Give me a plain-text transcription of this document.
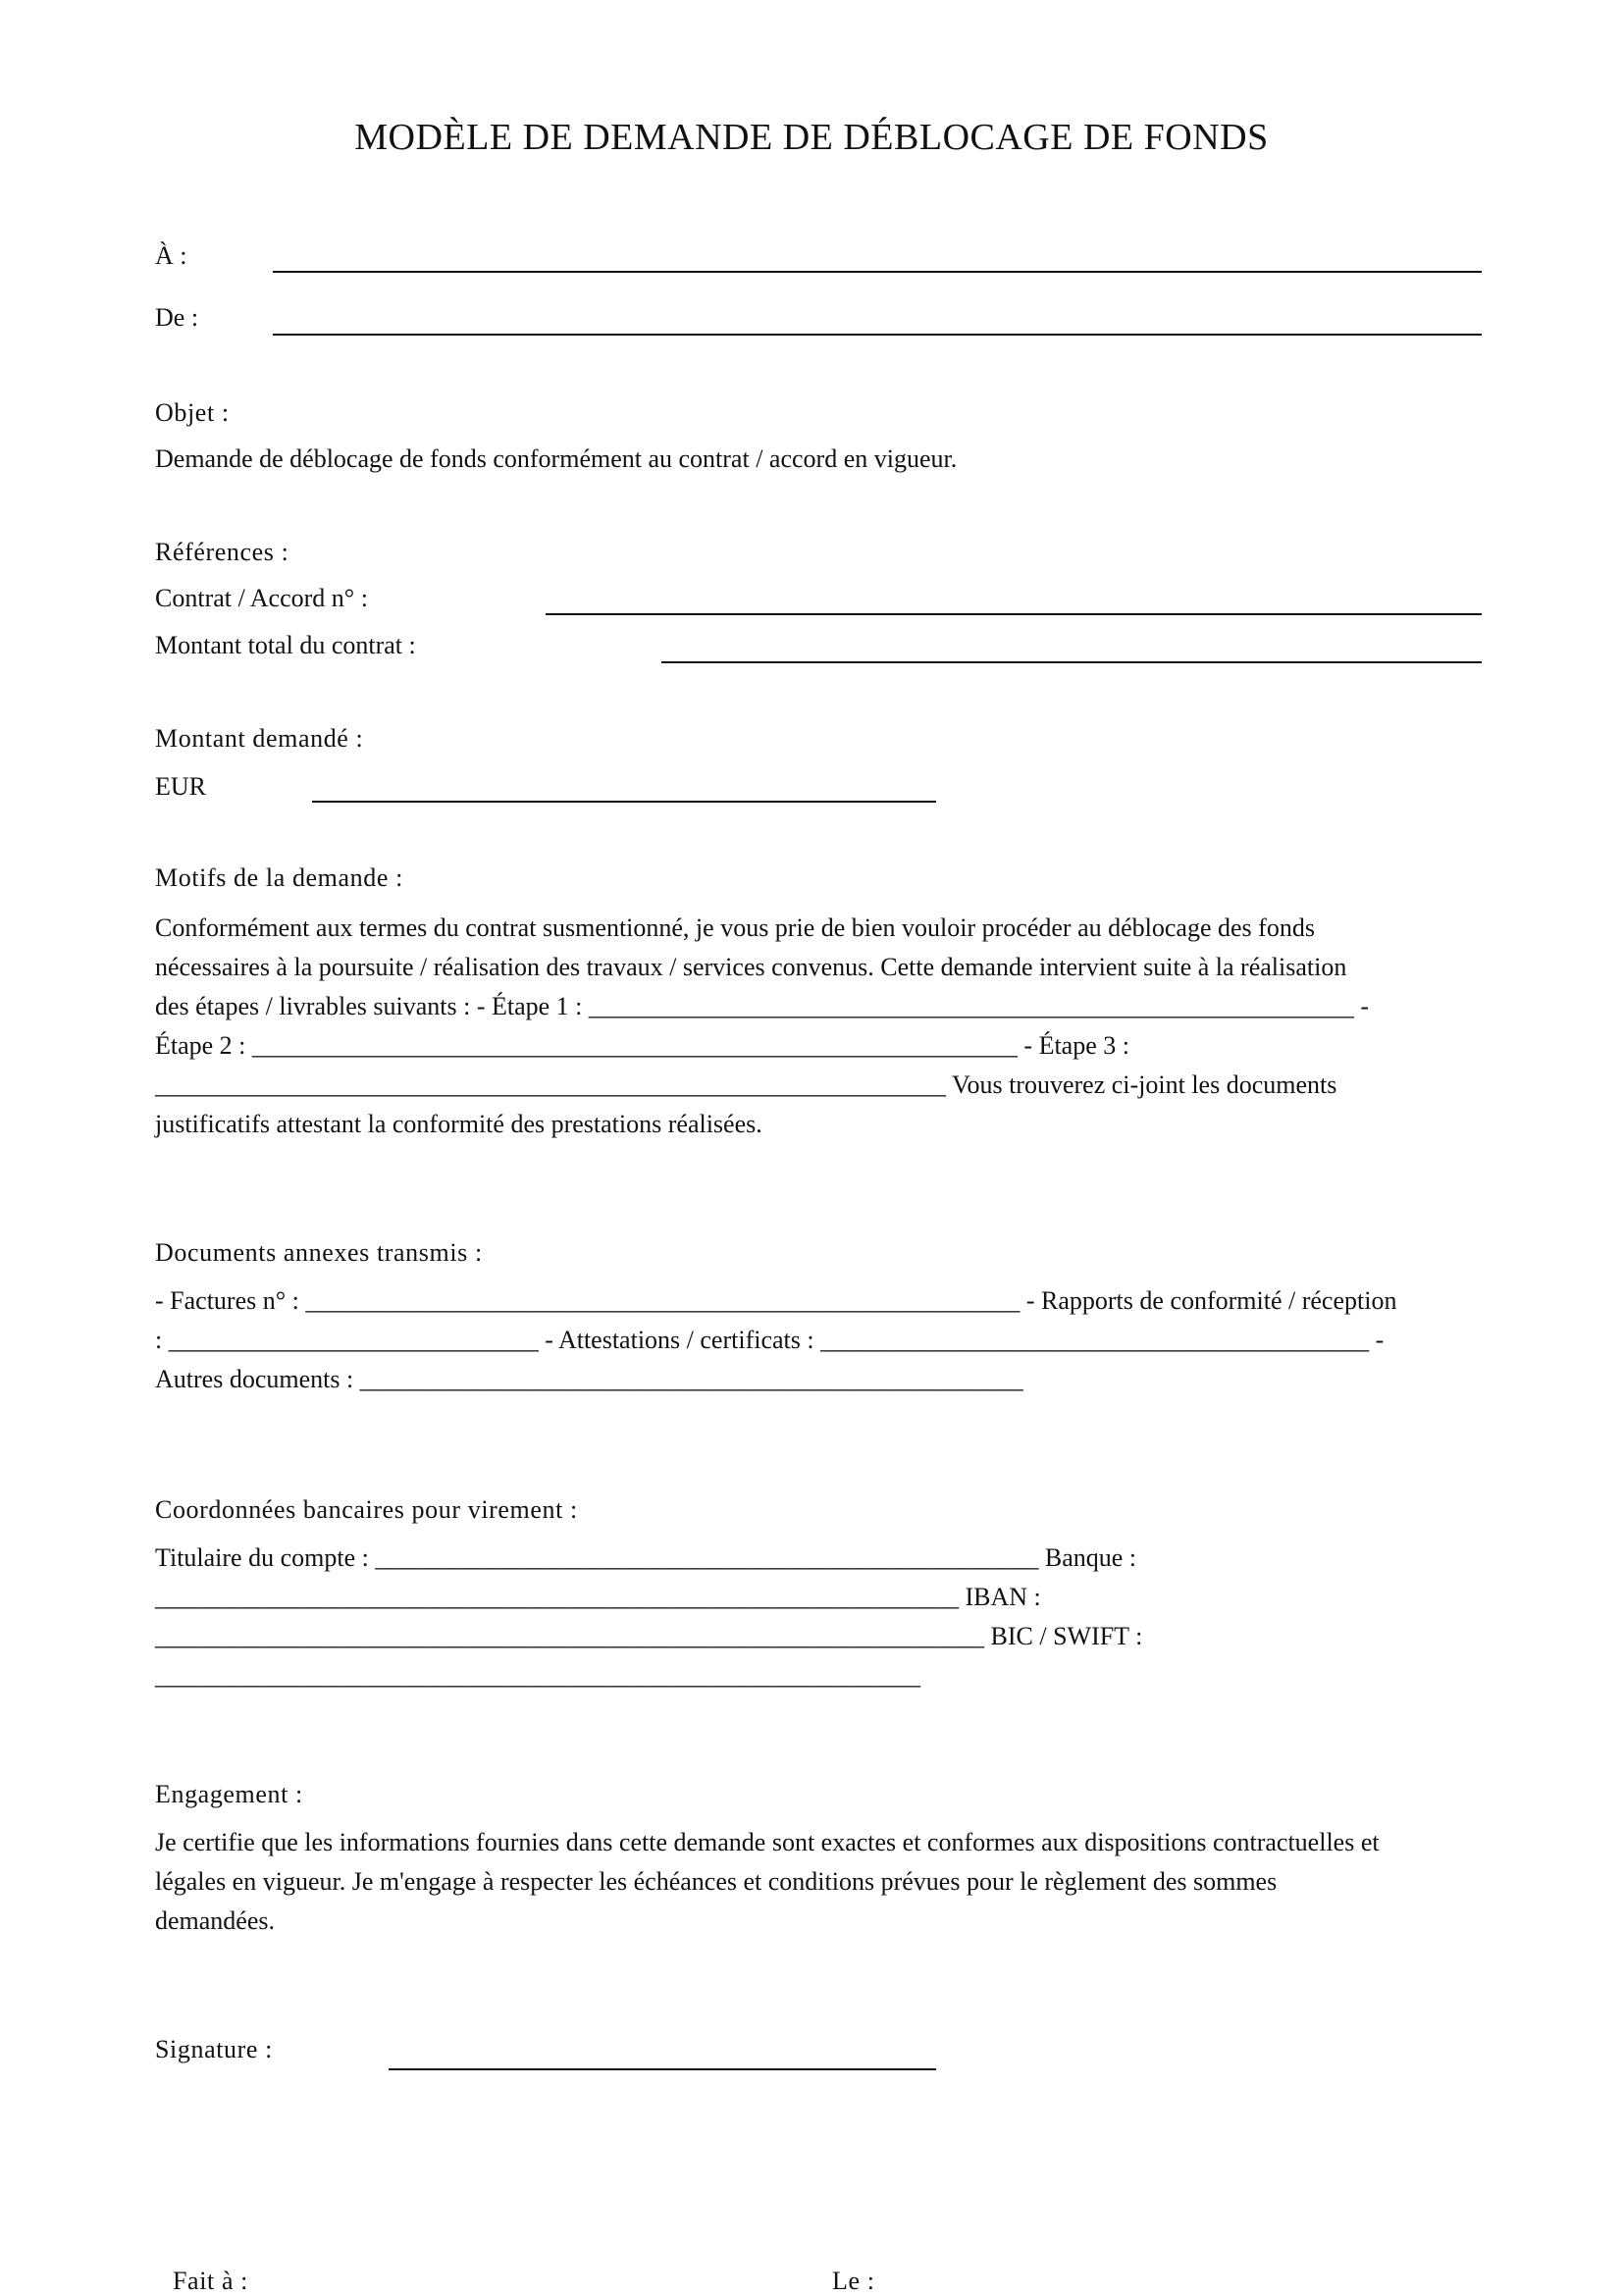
MODÈLE DE DEMANDE DE DÉBLOCAGE DE FONDS
À :
De :
Objet :
Demande de déblocage de fonds conformément au contrat / accord en vigueur.
Références :
Contrat / Accord n° :
Montant total du contrat :
Montant demandé :
EUR
Motifs de la demande :
Conformément aux termes du contrat susmentionné, je vous prie de bien vouloir procéder au déblocage des fonds
nécessaires à la poursuite / réalisation des travaux / services convenus. Cette demande intervient suite à la réalisation
des étapes / livrables suivants : - Étape 1 : ____________________________________________________________ -
Étape 2 : ____________________________________________________________ - Étape 3 :
______________________________________________________________ Vous trouverez ci-joint les documents
justificatifs attestant la conformité des prestations réalisées.
Documents annexes transmis :
- Factures n° : ________________________________________________________ - Rapports de conformité / réception
: _____________________________ - Attestations / certificats : ___________________________________________ -
Autres documents : ____________________________________________________
Coordonnées bancaires pour virement :
Titulaire du compte : ____________________________________________________ Banque :
_______________________________________________________________ IBAN :
_________________________________________________________________ BIC / SWIFT :
____________________________________________________________
Engagement :
Je certifie que les informations fournies dans cette demande sont exactes et conformes aux dispositions contractuelles et
légales en vigueur. Je m'engage à respecter les échéances et conditions prévues pour le règlement des sommes
demandées.
Signature :
Fait à :	Le :
